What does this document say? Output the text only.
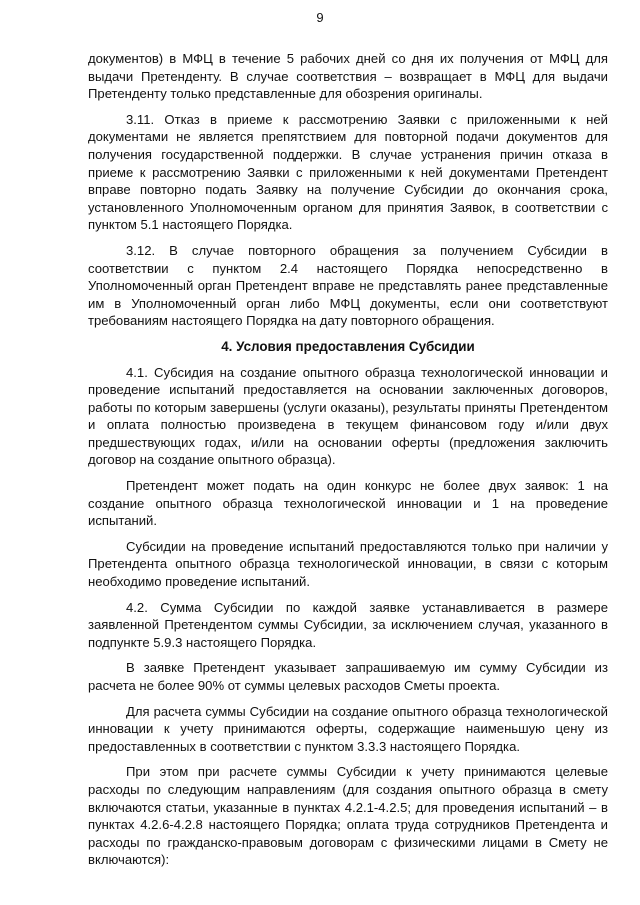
9

документов) в МФЦ в течение 5 рабочих дней со дня их получения от МФЦ для выдачи Претенденту. В случае соответствия – возвращает в МФЦ для выдачи Претенденту только представленные для обозрения оригиналы.

3.11. Отказ в приеме к рассмотрению Заявки с приложенными к ней документами не является препятствием для повторной подачи документов для получения государственной поддержки. В случае устранения причин отказа в приеме к рассмотрению Заявки с приложенными к ней документами Претендент вправе повторно подать Заявку на получение Субсидии до окончания срока, установленного Уполномоченным органом для принятия Заявок, в соответствии с пунктом 5.1 настоящего Порядка.

3.12. В случае повторного обращения за получением Субсидии в соответствии с пунктом 2.4 настоящего Порядка непосредственно в Уполномоченный орган Претендент вправе не представлять ранее представленные им в Уполномоченный орган либо МФЦ документы, если они соответствуют требованиям настоящего Порядка на дату повторного обращения.

4. Условия предоставления Субсидии

4.1. Субсидия на создание опытного образца технологической инновации и проведение испытаний предоставляется на основании заключенных договоров, работы по которым завершены (услуги оказаны), результаты приняты Претендентом и оплата полностью произведена в текущем финансовом году и/или двух предшествующих годах, и/или на основании оферты (предложения заключить договор на создание опытного образца).

Претендент может подать на один конкурс не более двух заявок: 1 на создание опытного образца технологической инновации и 1 на проведение испытаний.

Субсидии на проведение испытаний предоставляются только при наличии у Претендента опытного образца технологической инновации, в связи с которым необходимо проведение испытаний.

4.2. Сумма Субсидии по каждой заявке устанавливается в размере заявленной Претендентом суммы Субсидии, за исключением случая, указанного в подпункте 5.9.3 настоящего Порядка.

В заявке Претендент указывает запрашиваемую им сумму Субсидии из расчета не более 90% от суммы целевых расходов Сметы проекта.

Для расчета суммы Субсидии на создание опытного образца технологической инновации к учету принимаются оферты, содержащие наименьшую цену из предоставленных в соответствии с пунктом 3.3.3 настоящего Порядка.

При этом при расчете суммы Субсидии к учету принимаются целевые расходы по следующим направлениям (для создания опытного образца в смету включаются статьи, указанные в пунктах 4.2.1-4.2.5; для проведения испытаний – в пунктах 4.2.6-4.2.8 настоящего Порядка; оплата труда сотрудников Претендента и расходы по гражданско-правовым договорам с физическими лицами в Смету не включаются):
